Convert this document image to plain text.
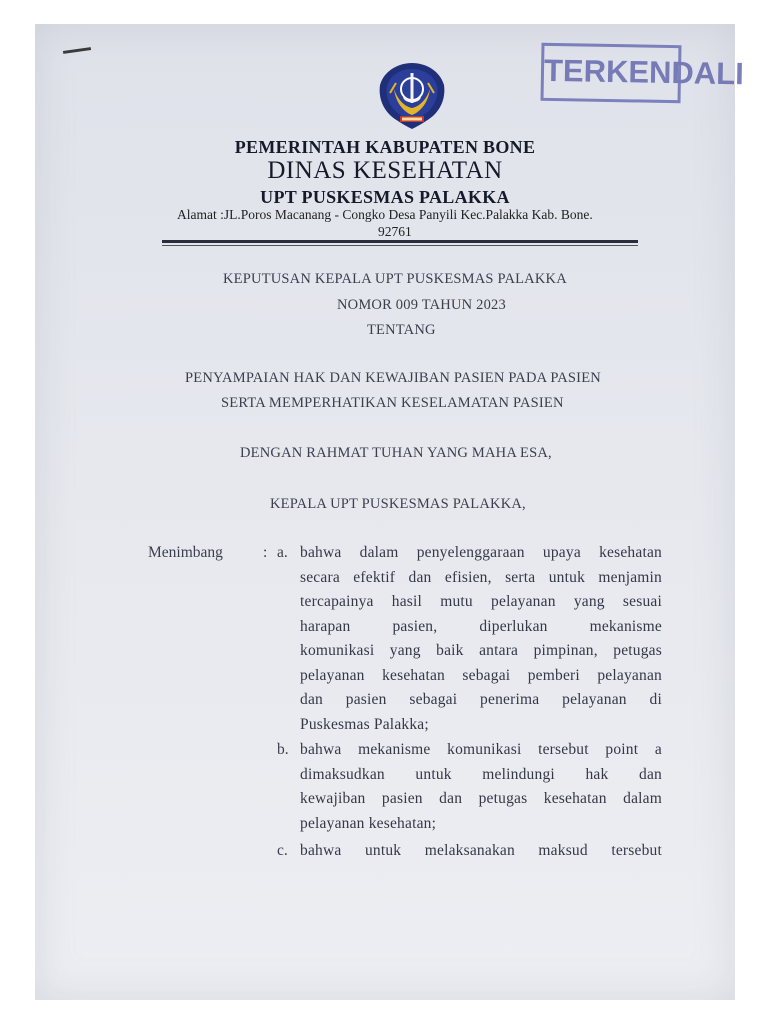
TERKENDALI
PEMERINTAH KABUPATEN BONE
DINAS KESEHATAN
UPT PUSKESMAS PALAKKA
Alamat :JL.Poros Macanang - Congko Desa Panyili Kec.Palakka Kab. Bone.
92761
KEPUTUSAN KEPALA UPT PUSKESMAS PALAKKA
NOMOR 009 TAHUN 2023
TENTANG
PENYAMPAIAN HAK DAN KEWAJIBAN PASIEN PADA PASIEN
SERTA MEMPERHATIKAN KESELAMATAN PASIEN
DENGAN RAHMAT TUHAN YANG MAHA ESA,
KEPALA UPT PUSKESMAS PALAKKA,
Menimbang	: a. bahwa dalam penyelenggaraan upaya kesehatan
secara efektif dan efisien, serta untuk menjamin
tercapainya hasil mutu pelayanan yang sesuai
harapan pasien, diperlukan mekanisme
komunikasi yang baik antara pimpinan, petugas
pelayanan kesehatan sebagai pemberi pelayanan
dan pasien sebagai penerima pelayanan di
Puskesmas Palakka;
b. bahwa mekanisme komunikasi tersebut point a
dimaksudkan untuk melindungi hak dan
kewajiban pasien dan petugas kesehatan dalam
pelayanan kesehatan;
c. bahwa untuk melaksanakan maksud tersebut
